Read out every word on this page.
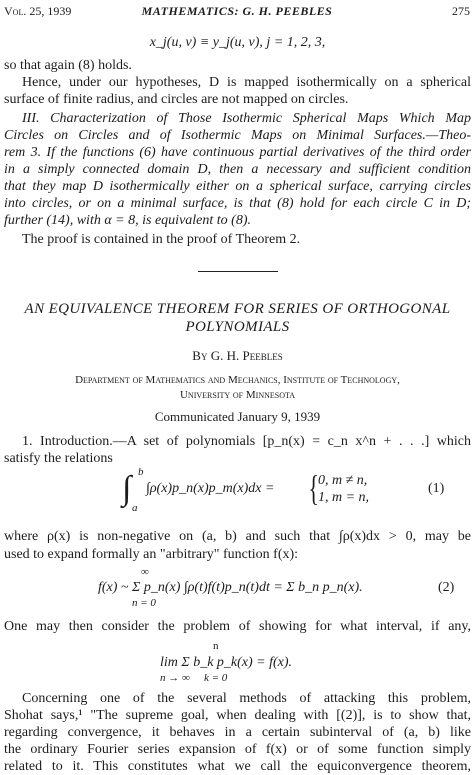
Vol. 25, 1939	MATHEMATICS: G. H. PEEBLES	275
x_j(u, v) ≡ y_j(u, v), j = 1, 2, 3,
so that again (8) holds.
Hence, under our hypotheses, D is mapped isothermically on a spherical
surface of finite radius, and circles are not mapped on circles.
III. Characterization of Those Isothermic Spherical Maps Which Map
Circles on Circles and of Isothermic Maps on Minimal Surfaces.—Theo-
rem 3. If the functions (6) have continuous partial derivatives of the third order
in a simply connected domain D, then a necessary and sufficient condition
that they map D isothermically either on a spherical surface, carrying circles
into circles, or on a minimal surface, is that (8) hold for each circle C in D;
further (14), with α = 8, is equivalent to (8).
The proof is contained in the proof of Theorem 2.
AN EQUIVALENCE THEOREM FOR SERIES OF ORTHOGONAL
POLYNOMIALS
By G. H. Peebles
Department of Mathematics and Mechanics, Institute of Technology,
University of Minnesota
Communicated January 9, 1939
1. Introduction.—A set of polynomials [p_n(x) = c_n x^n + . . .] which
satisfy the relations
∫ b
a
∫ρ(x)p_n(x)p_m(x)dx = { 0, m ≠ n,
1, m = n,
(1)
where ρ(x) is non-negative on (a, b) and such that ∫ρ(x)dx > 0, may be
used to expand formally an "arbitrary" function f(x):
∞
n = 0
f(x) ~ Σ p_n(x) ∫ρ(t)f(t)p_n(t)dt = Σ b_n p_n(x).	(2)
One may then consider the problem of showing for what interval, if any,
n
k = 0
n → ∞
lim Σ b_k p_k(x) = f(x).
Concerning one of the several methods of attacking this problem,
Shohat says,¹ "The supreme goal, when dealing with [(2)], is to show that,
regarding convergence, it behaves in a certain subinterval of (a, b) like
the ordinary Fourier series expansion of f(x) or of some function simply
related to it. This constitutes what we call the equiconvergence theorem,
